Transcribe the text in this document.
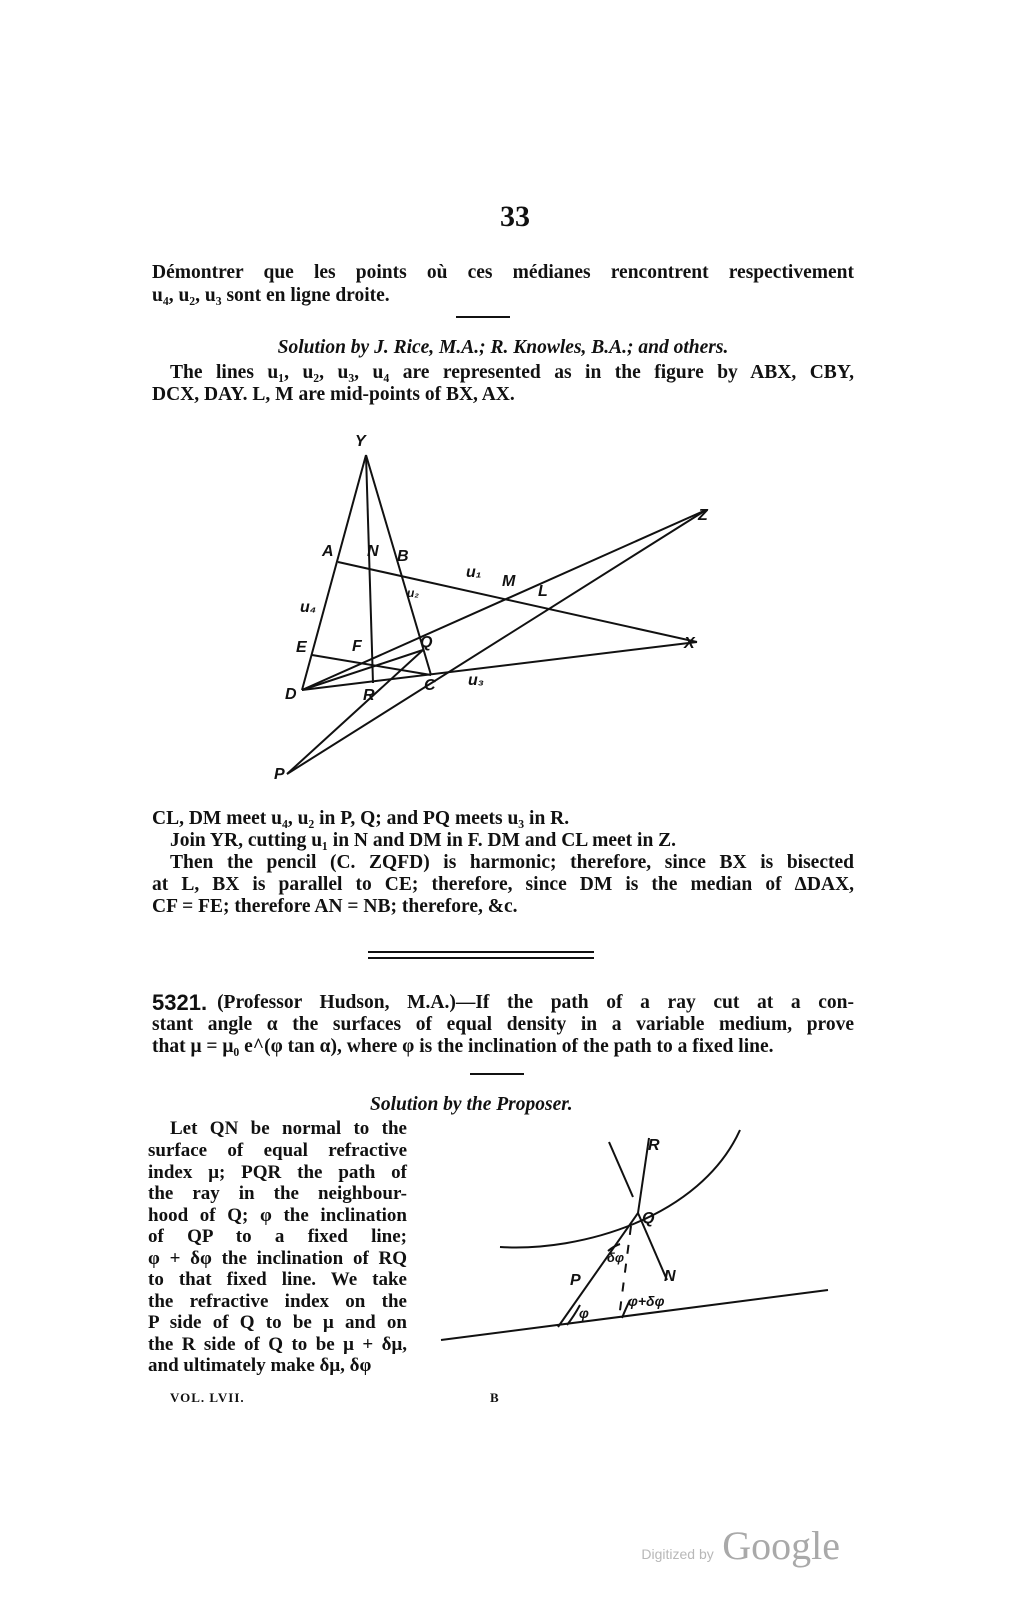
33
Démontrer que les points où ces médianes rencontrent respectivement
u₄, u₂, u₃ sont en ligne droite.
Solution by J. Rice, M.A.; R. Knowles, B.A.; and others.
The lines u₁, u₂, u₃, u₄ are represented as in the figure by ABX, CBY,
DCX, DAY. L, M are mid-points of BX, AX.
Y
Z
A N B
u₁
M
L
u₂
u₄
Q	X
E	F
D	R
C u₃
P
R
Q
δφ
N
P
φ
φ+δφ
CL, DM meet u₄, u₂ in P, Q; and PQ meets u₃ in R.
Join YR, cutting u₁ in N and DM in F. DM and CL meet in Z.
Then the pencil (C. ZQFD) is harmonic; therefore, since BX is bisected
at L, BX is parallel to CE; therefore, since DM is the median of ΔDAX,
CF = FE; therefore AN = NB; therefore, &c.
5321. (Professor Hudson, M.A.)—If the path of a ray cut at a con-
stant angle α the surfaces of equal density in a variable medium, prove
that μ = μ₀ e^(φ tan α), where φ is the inclination of the path to a fixed line.
Solution by the Proposer.
Let QN be normal to the
surface of equal refractive
index μ; PQR the path of
the ray in the neighbour-
hood of Q; φ the inclination
of QP to a fixed line;
φ + δφ the inclination of RQ
to that fixed line. We take
the refractive index on the
P side of Q to be μ and on
the R side of Q to be μ + δμ,
and ultimately make δμ, δφ
VOL. LVII.	B
Digitized by Google
